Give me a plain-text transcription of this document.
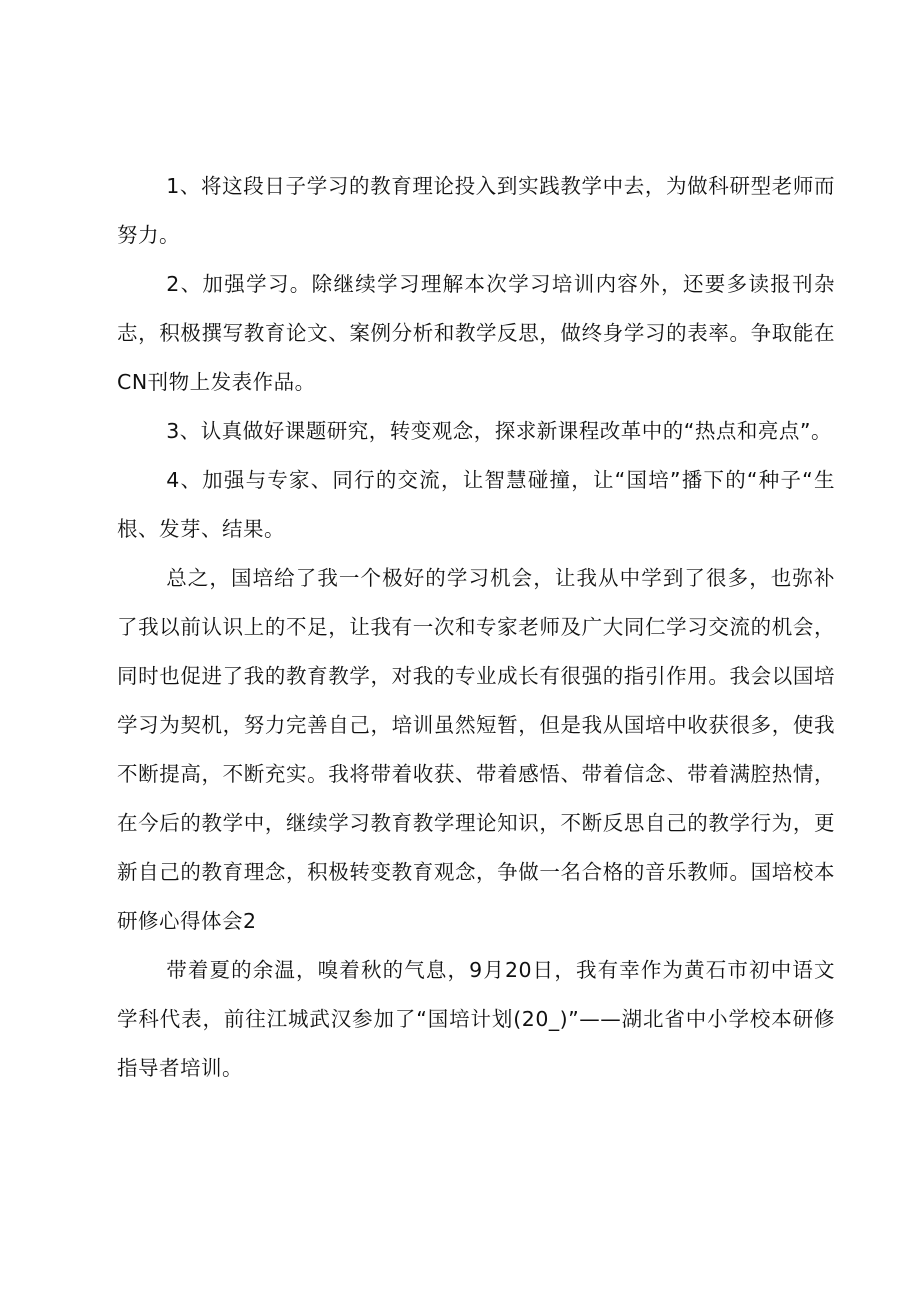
1、将这段日子学习的教育理论投入到实践教学中去，为做科研型老师而努力。

2、加强学习。除继续学习理解本次学习培训内容外，还要多读报刊杂志，积极撰写教育论文、案例分析和教学反思，做终身学习的表率。争取能在CN刊物上发表作品。

3、认真做好课题研究，转变观念，探求新课程改革中的“热点和亮点”。

4、加强与专家、同行的交流，让智慧碰撞，让“国培”播下的“种子“生根、发芽、结果。

总之，国培给了我一个极好的学习机会，让我从中学到了很多，也弥补了我以前认识上的不足，让我有一次和专家老师及广大同仁学习交流的机会，同时也促进了我的教育教学，对我的专业成长有很强的指引作用。我会以国培学习为契机，努力完善自己，培训虽然短暂，但是我从国培中收获很多，使我不断提高，不断充实。我将带着收获、带着感悟、带着信念、带着满腔热情，在今后的教学中，继续学习教育教学理论知识，不断反思自己的教学行为，更新自己的教育理念，积极转变教育观念，争做一名合格的音乐教师。国培校本研修心得体会2

带着夏的余温，嗅着秋的气息，9月20日，我有幸作为黄石市初中语文学科代表，前往江城武汉参加了“国培计划(20_)”——湖北省中小学校本研修指导者培训。
